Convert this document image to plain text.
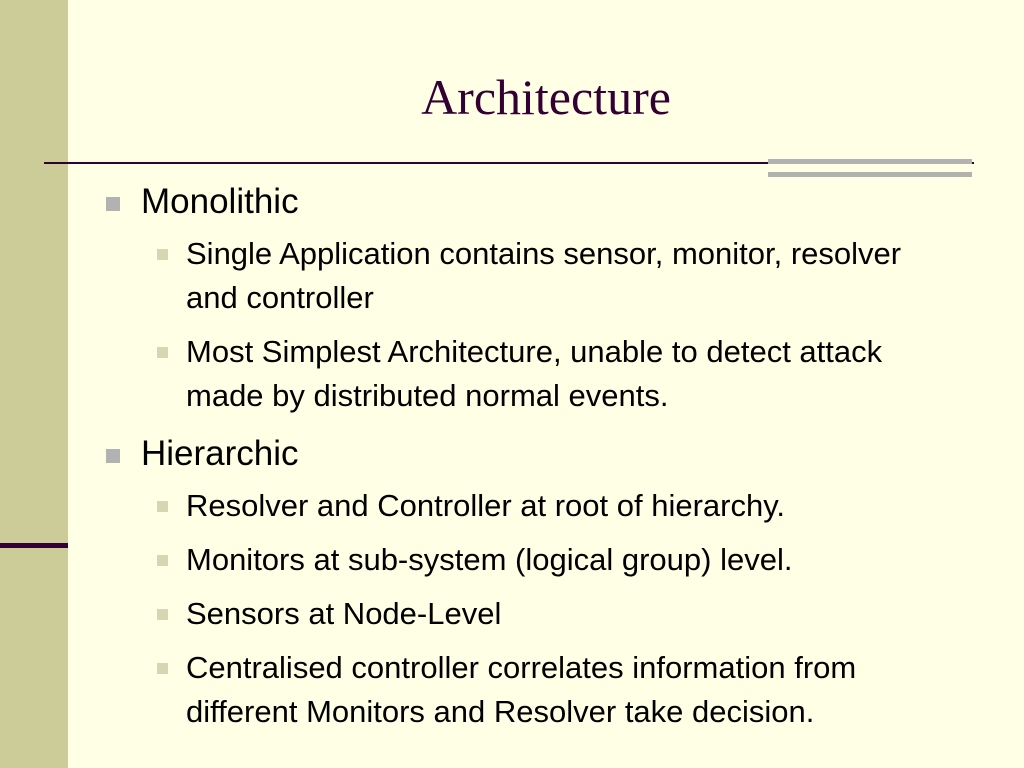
Architecture
Monolithic
Single Application contains sensor, monitor, resolver and controller
Most Simplest Architecture, unable to detect attack made by distributed normal events.
Hierarchic
Resolver and Controller at root of hierarchy.
Monitors at sub-system (logical group) level.
Sensors at Node-Level
Centralised controller correlates information from different Monitors and Resolver take decision.
